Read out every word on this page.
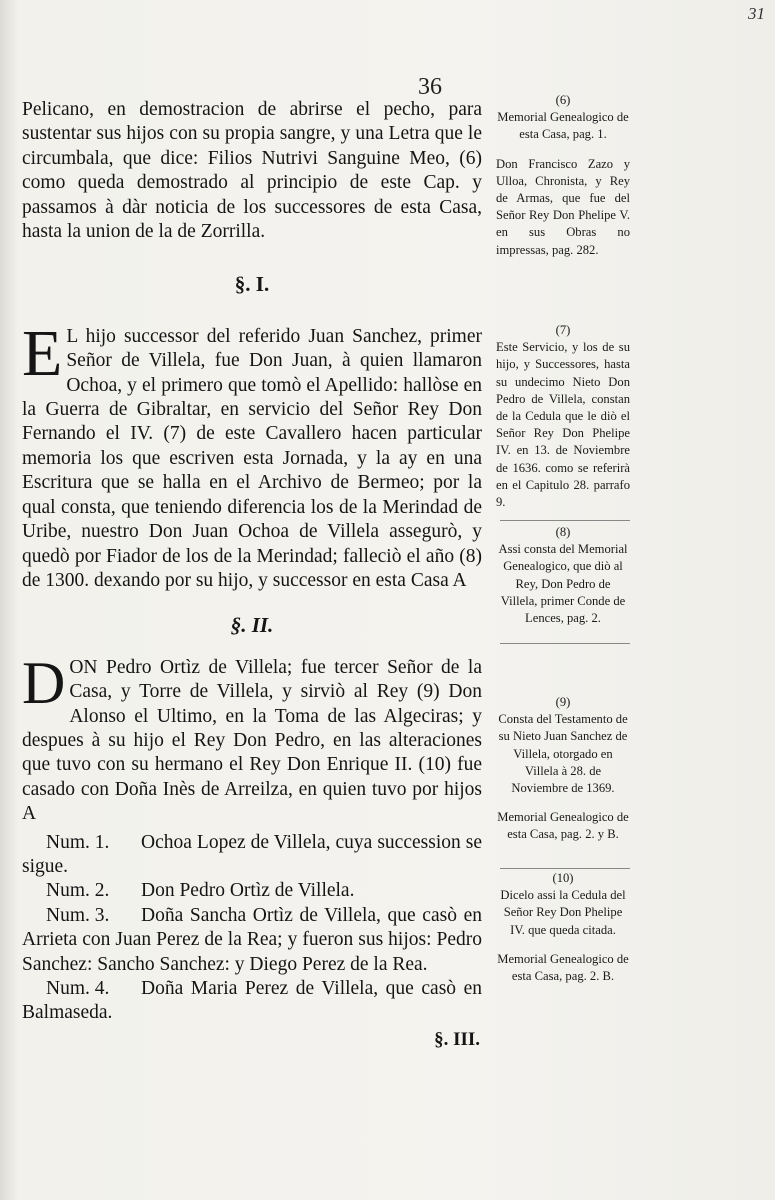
31
36

Pelicano, en demostracion de abrirse el pecho, para sustentar sus hijos con su propia sangre, y una Letra que le circumbala, que dice: Filios Nutrivi Sanguine Meo, (6) como queda demostrado al principio de este Cap. y passamos à dàr noticia de los successores de esta Casa, hasta la union de la de Zorrilla.

§. I.

E L hijo successor del referido Juan Sanchez, primer Señor de Villela, fue Don Juan, à quien llamaron Ochoa, y el primero que tomò el Apellido: hallòse en la Guerra de Gibraltar, en servicio del Señor Rey Don Fernando el IV. (7) de este Cavallero hacen particular memoria los que escriven esta Jornada, y la ay en una Escritura que se halla en el Archivo de Bermeo; por la qual consta, que teniendo diferencia los de la Merindad de Uribe, nuestro Don Juan Ochoa de Villela assegurò, y quedò por Fiador de los de la Merindad; falleciò el año (8) de 1300. dexando por su hijo, y successor en esta Casa A

§. II.

DON Pedro Ortìz de Villela; fue tercer Señor de la Casa, y Torre de Villela, y sirviò al Rey (9) Don Alonso el Ultimo, en la Toma de las Algeciras; y despues à su hijo el Rey Don Pedro, en las alteraciones que tuvo con su hermano el Rey Don Enrique II. (10) fue casado con Doña Inès de Arreilza, en quien tuvo por hijos A

Num. 1. Ochoa Lopez de Villela, cuya succession se sigue.

Num. 2. Don Pedro Ortìz de Villela.

Num. 3. Doña Sancha Ortìz de Villela, que casò en Arrieta con Juan Perez de la Rea; y fueron sus hijos: Pedro Sanchez: Sancho Sanchez: y Diego Perez de la Rea.

Num. 4. Doña Maria Perez de Villela, que casò en Balmaseda.

§. III.
(6)

Memorial Genealogico de esta Casa, pag. 1.

Don Francisco Zazo y Ulloa, Chronista, y Rey de Armas, que fue del Señor Rey Don Phelipe V. en sus Obras no impressas, pag. 282.

(7)

Este Servicio, y los de su hijo, y Successores, hasta su undecimo Nieto Don Pedro de Villela, constan de la Cedula que le diò el Señor Rey Don Phelipe IV. en 13. de Noviembre de 1636. como se referirà en el Capitulo 28. parrafo 9.

(8)

Assi consta del Memorial Genealogico, que diò al Rey, Don Pedro de Villela, primer Conde de Lences, pag. 2.

(9)

Consta del Testamento de su Nieto Juan Sanchez de Villela, otorgado en Villela à 28. de Noviembre de 1369.

Memorial Genealogico de esta Casa, pag. 2. y B.

(10)

Dicelo assi la Cedula del Señor Rey Don Phelipe IV. que queda citada.

Memorial Genealogico de esta Casa, pag. 2. B.
